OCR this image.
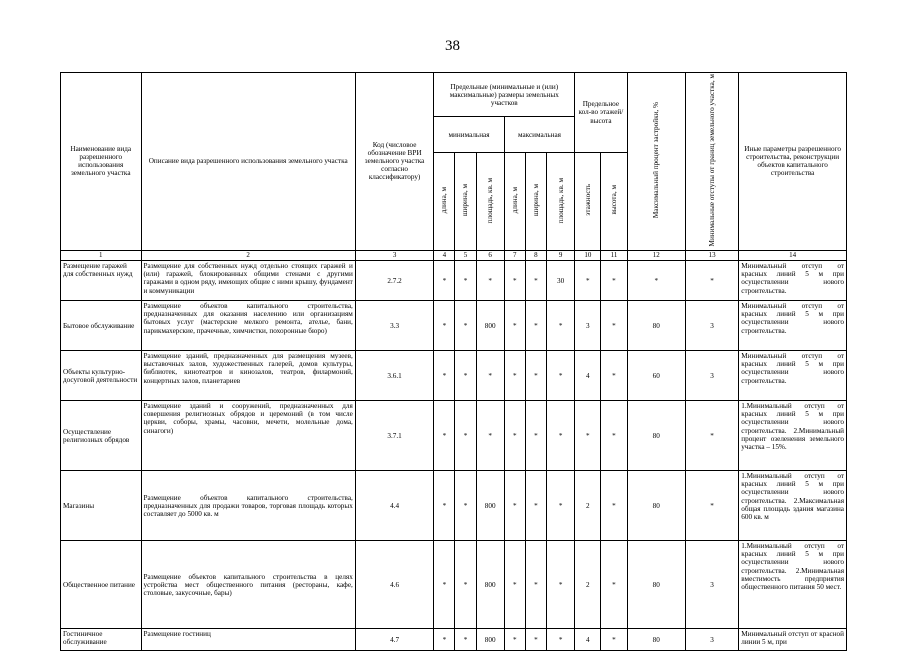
38
Наименование вида разрешенного использования земельного участка	Описание вида разрешенного использования земельного участка	Код (числовое обозначение ВРИ земельного участка согласно классификатору)	Предельные (минимальные и (или) максимальные) размеры земельных участков						Предельное кол-во этажей/ высота		Максимальный процент застройки, %	Минимальные отступы от границ земельного участка, м	Иные параметры разрешенного строительства, реконструкции объектов капитального строительства
			минимальная			максимальная							
			длина, м	ширина, м	площадь, кв. м	длина, м	ширина, м	площадь, кв. м	этажность	высота, м			
1	2	3	4	5	6	7	8	9	10	11	12	13	14
Размещение гаражей для собственных нужд	Размещение для собственных нужд отдельно стоящих гаражей и (или) гаражей, блокированных общими стенами с другими гаражами в одном ряду, имеющих общие с ними крышу, фундамент и коммуникации	2.7.2	*	*	*	*	*	30	*	*	*	*	Минимальный отступ от красных линий 5 м при осуществлении нового строительства.
Бытовое обслуживание	Размещение объектов капитального строительства, предназначенных для оказания населению или организациям бытовых услуг (мастерские мелкого ремонта, ателье, бани, парикмахерские, прачечные, химчистки, похоронные бюро)	3.3	*	*	800	*	*	*	3	*	80	3	Минимальный отступ от красных линий 5 м при осуществлении нового строительства.
Объекты культурно-досуговой деятельности	Размещение зданий, предназначенных для размещения музеев, выставочных залов, художественных галерей, домов культуры, библиотек, кинотеатров и кинозалов, театров, филармоний, концертных залов, планетариев	3.6.1	*	*	*	*	*	*	4	*	60	3	Минимальный отступ от красных линий 5 м при осуществлении нового строительства.
Осуществление религиозных обрядов	Размещение зданий и сооружений, предназначенных для совершения религиозных обрядов и церемоний (в том числе церкви, соборы, храмы, часовни, мечети, молельные дома, синагоги)	3.7.1	*	*	*	*	*	*	*	*	80	*	1.Минимальный отступ от красных линий 5 м при осуществлении нового строительства. 2.Минимальный процент озеленения земельного участка – 15%.
Магазины	Размещение объектов капитального строительства, предназначенных для продажи товаров, торговая площадь которых составляет до 5000 кв. м	4.4	*	*	800	*	*	*	2	*	80	*	1.Минимальный отступ от красных линий 5 м при осуществлении нового строительства. 2.Максимальная общая площадь здания магазина 600 кв. м
Общественное питание	Размещение объектов капитального строительства в целях устройства мест общественного питания (рестораны, кафе, столовые, закусочные, бары)	4.6	*	*	800	*	*	*	2	*	80	3	1.Минимальный отступ от красных линий 5 м при осуществлении нового строительства. 2.Минимальная вместимость предприятия общественного питания 50 мест.
Гостиничное обслуживание	Размещение гостиниц	4.7	*	*	800	*	*	*	4	*	80	3	Минимальный отступ от красной линии 5 м, при
